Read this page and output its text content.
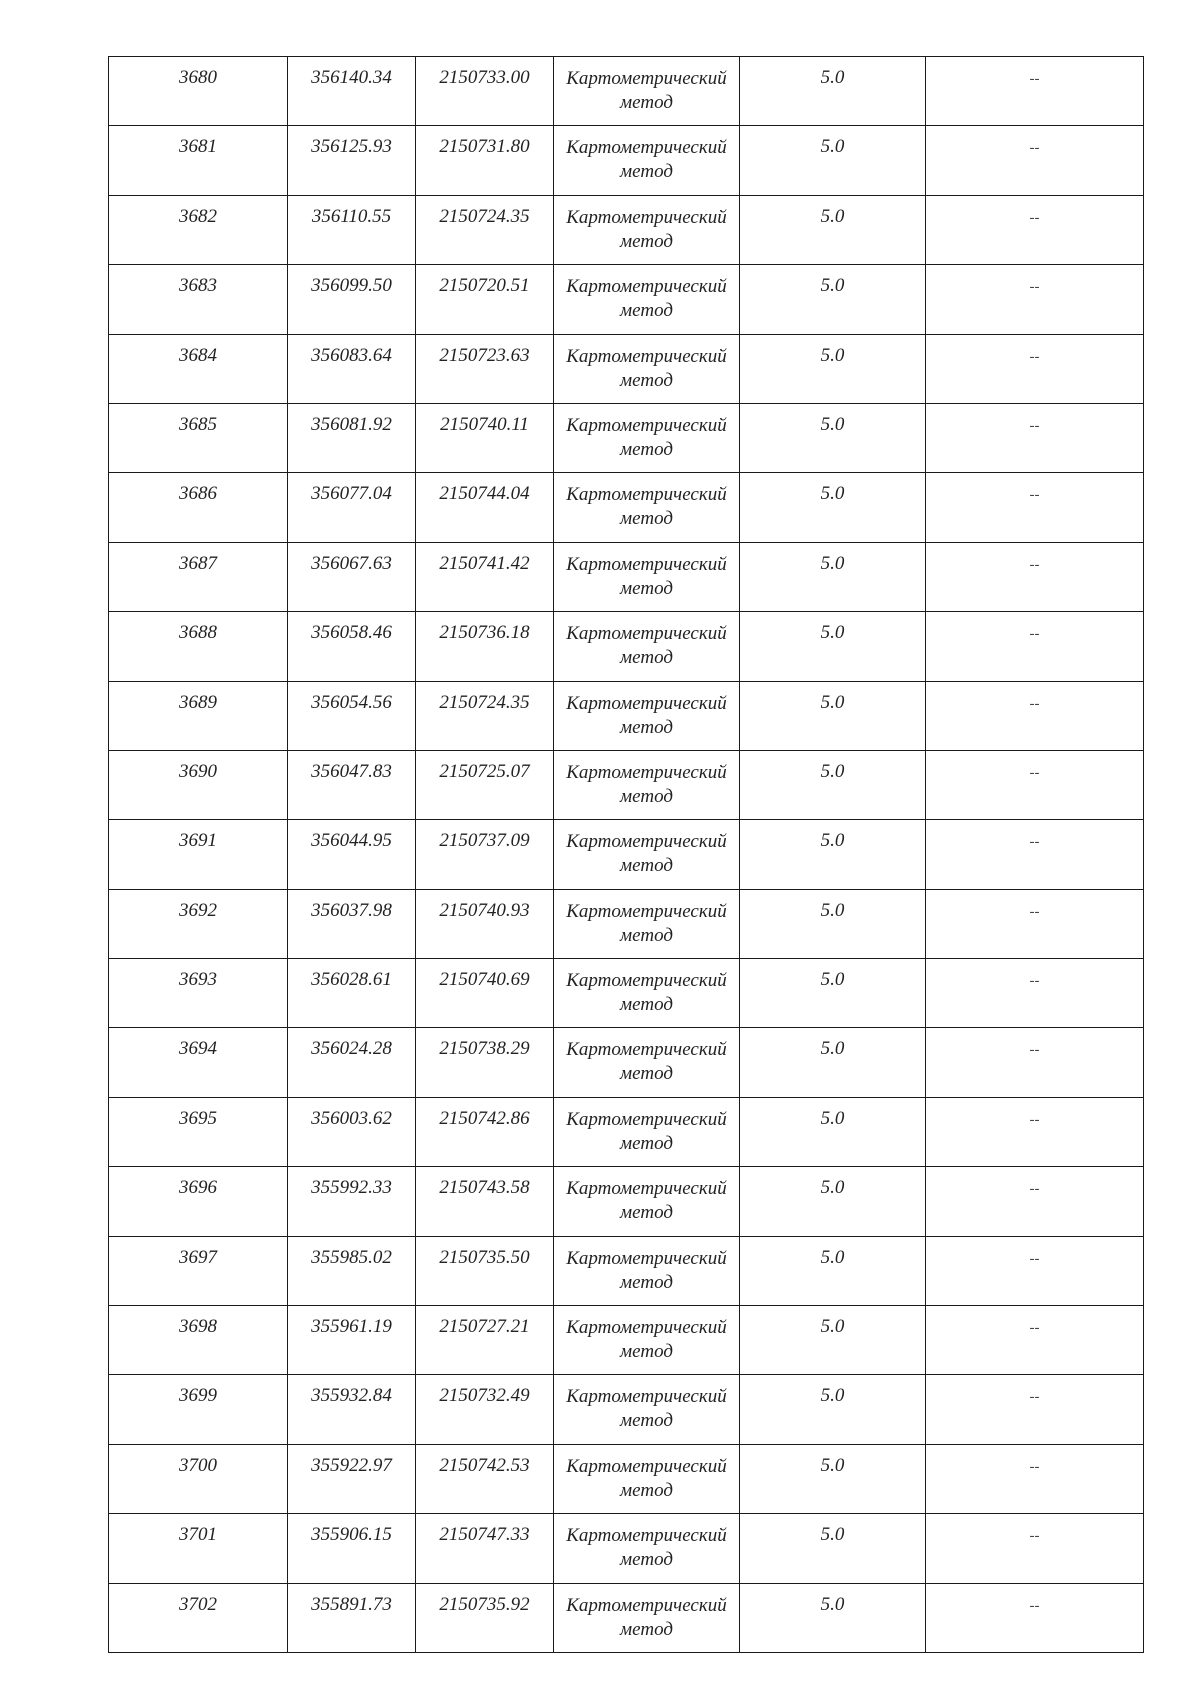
3680	356140.34	2150733.00	Картометрический
метод	5.0	--

3681	356125.93	2150731.80	Картометрический
метод	5.0	--

3682	356110.55	2150724.35	Картометрический
метод	5.0	--

3683	356099.50	2150720.51	Картометрический
метод	5.0	--

3684	356083.64	2150723.63	Картометрический
метод	5.0	--

3685	356081.92	2150740.11	Картометрический
метод	5.0	--

3686	356077.04	2150744.04	Картометрический
метод	5.0	--

3687	356067.63	2150741.42	Картометрический
метод	5.0	--

3688	356058.46	2150736.18	Картометрический
метод	5.0	--

3689	356054.56	2150724.35	Картометрический
метод	5.0	--

3690	356047.83	2150725.07	Картометрический
метод	5.0	--

3691	356044.95	2150737.09	Картометрический
метод	5.0	--

3692	356037.98	2150740.93	Картометрический
метод	5.0	--

3693	356028.61	2150740.69	Картометрический
метод	5.0	--

3694	356024.28	2150738.29	Картометрический
метод	5.0	--

3695	356003.62	2150742.86	Картометрический
метод	5.0	--

3696	355992.33	2150743.58	Картометрический
метод	5.0	--

3697	355985.02	2150735.50	Картометрический
метод	5.0	--

3698	355961.19	2150727.21	Картометрический
метод	5.0	--

3699	355932.84	2150732.49	Картометрический
метод	5.0	--

3700	355922.97	2150742.53	Картометрический
метод	5.0	--

3701	355906.15	2150747.33	Картометрический
метод	5.0	--

3702	355891.73	2150735.92	Картометрический
метод	5.0	--
